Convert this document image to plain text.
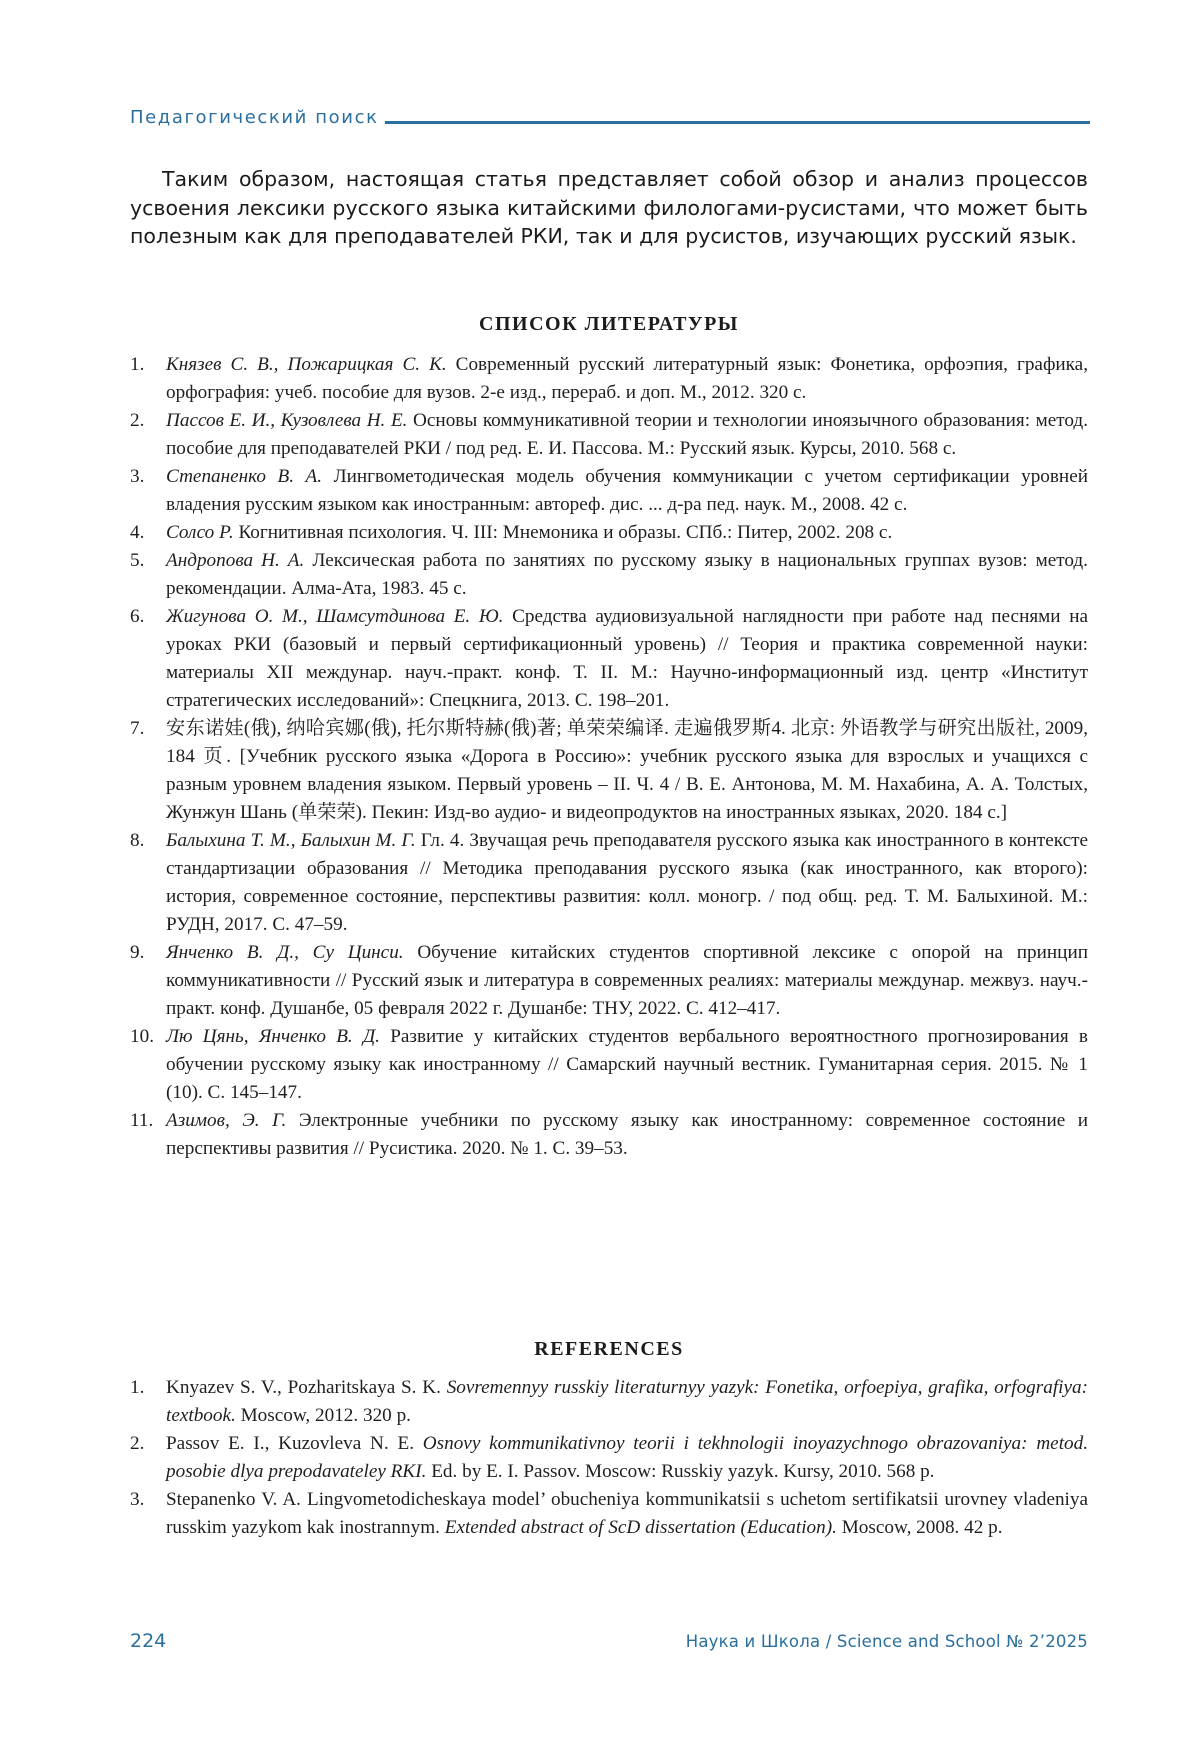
Педагогический поиск

Таким образом, настоящая статья представляет собой обзор и анализ процессов усвоения лексики русского языка китайскими филологами-русистами, что может быть полезным как для преподавателей РКИ, так и для русистов, изучающих русский язык.

СПИСОК ЛИТЕРАТУРЫ
1.	Князев С. В., Пожарицкая С. К. Современный русский литературный язык: Фонетика, орфоэпия, графика, орфография: учеб. пособие для вузов. 2-е изд., перераб. и доп. М., 2012. 320 с.
2.	Пассов Е. И., Кузовлева Н. Е. Основы коммуникативной теории и технологии иноязычного образования: метод. пособие для преподавателей РКИ / под ред. Е. И. Пассова. М.: Русский язык. Курсы, 2010. 568 с.
3.	Степаненко В. А. Лингвометодическая модель обучения коммуникации с учетом сертификации уровней владения русским языком как иностранным: автореф. дис. ... д-ра пед. наук. М., 2008. 42 с.
4.	Солсо Р. Когнитивная психология. Ч. III: Мнемоника и образы. СПб.: Питер, 2002. 208 с.
5.	Андропова Н. А. Лексическая работа по занятиях по русскому языку в национальных группах вузов: метод. рекомендации. Алма-Ата, 1983. 45 с.
6.	Жигунова О. М., Шамсутдинова Е. Ю. Средства аудиовизуальной наглядности при работе над песнями на уроках РКИ (базовый и первый сертификационный уровень) // Теория и практика современной науки: материалы XII междунар. науч.-практ. конф. Т. II. М.: Научно-информационный изд. центр «Институт стратегических исследований»: Спецкнига, 2013. С. 198–201.
7.	安东诺娃(俄), 纳哈宾娜(俄), 托尔斯特赫(俄)著; 单荣荣编译. 走遍俄罗斯4. 北京: 外语教学与研究出版社, 2009, 184 页. [Учебник русского языка «Дорога в Россию»: учебник русского языка для взрослых и учащихся с разным уровнем владения языком. Первый уровень – II. Ч. 4 / В. Е. Антонова, М. М. Нахабина, А. А. Толстых, Жунжун Шань (单荣荣). Пекин: Изд-во аудио- и видеопродуктов на иностранных языках, 2020. 184 с.]
8.	Балыхина Т. М., Балыхин М. Г. Гл. 4. Звучащая речь преподавателя русского языка как иностранного в контексте стандартизации образования // Методика преподавания русского языка (как иностранного, как второго): история, современное состояние, перспективы развития: колл. моногр. / под общ. ред. Т. М. Балыхиной. М.: РУДН, 2017. С. 47–59.
9.	Янченко В. Д., Су Цинси. Обучение китайских студентов спортивной лексике с опорой на принцип коммуникативности // Русский язык и литература в современных реалиях: материалы междунар. межвуз. науч.-практ. конф. Душанбе, 05 февраля 2022 г. Душанбе: ТНУ, 2022. С. 412–417.
10. Лю Цянь, Янченко В. Д. Развитие у китайских студентов вербального вероятностного прогнозирования в обучении русскому языку как иностранному // Самарский научный вестник. Гуманитарная серия. 2015. № 1 (10). С. 145–147.
11. Азимов, Э. Г. Электронные учебники по русскому языку как иностранному: современное состояние и перспективы развития // Русистика. 2020. № 1. С. 39–53.
REFERENCES
1.	Knyazev S. V., Pozharitskaya S. K. Sovremennyy russkiy literaturnyy yazyk: Fonetika, orfoepiya, grafika, orfografiya: textbook. Moscow, 2012. 320 p.
2.	Passov E. I., Kuzovleva N. E. Osnovy kommunikativnoy teorii i tekhnologii inoyazychnogo obrazovaniya: metod. posobie dlya prepodavateley RKI. Ed. by E. I. Passov. Moscow: Russkiy yazyk. Kursy, 2010. 568 p.
3.	Stepanenko V. A. Lingvometodicheskaya model’ obucheniya kommunikatsii s uchetom sertifikatsii urovney vladeniya russkim yazykom kak inostrannym. Extended abstract of ScD dissertation (Education). Moscow, 2008. 42 p.
224	Наука и Школа / Science and School № 2’2025
